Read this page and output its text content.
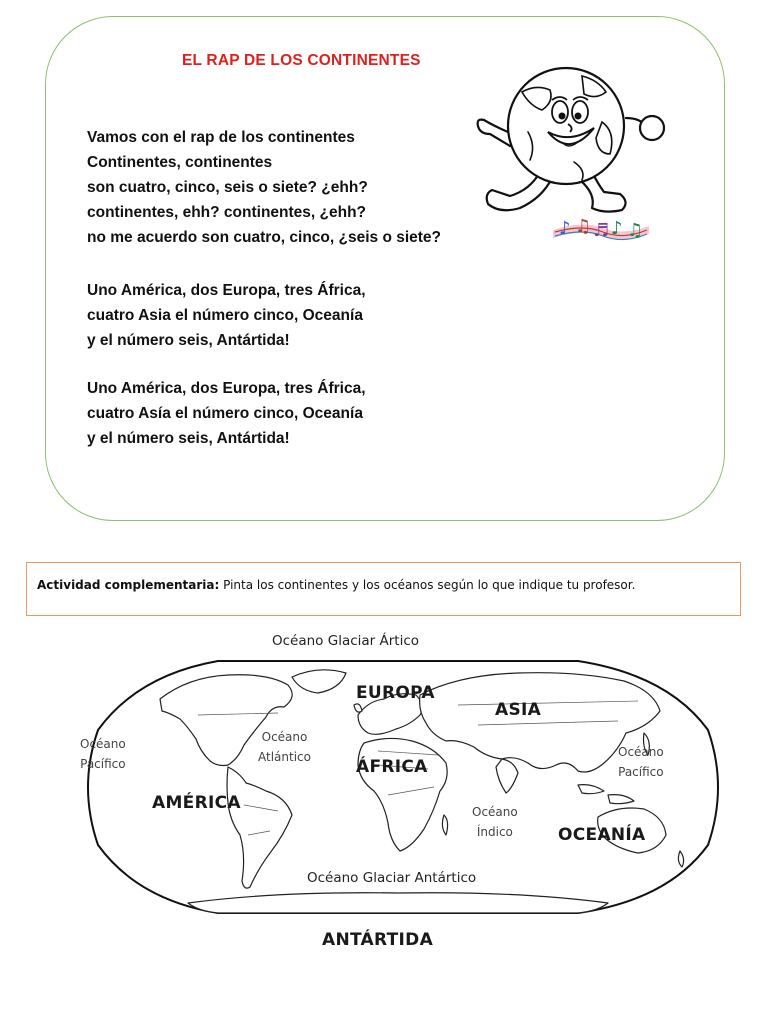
EL RAP DE LOS CONTINENTES
Vamos con el rap de los continentes
Continentes, continentes
son cuatro, cinco, seis o siete? ¿ehh?
continentes, ehh? continentes, ¿ehh?
no me acuerdo son cuatro, cinco, ¿seis o siete?
Uno América, dos Europa, tres África,
cuatro Asia el número cinco, Oceanía
y el número seis, Antártida!
Uno América, dos Europa, tres África,
cuatro Asía el número cinco, Oceanía
y el número seis, Antártida!
♪ ♫ ♬ ♪ ♫
Actividad complementaria: Pinta los continentes y los océanos según lo que indique tu profesor.
Océano Glaciar Ártico
EUROPA
ASIA
ÁFRICA
AMÉRICA
OCEANÍA
Océano
Pacífico
Océano
Atlántico	Océano
Pacífico
Océano
Índico
Océano Glaciar Antártico
ANTÁRTIDA
